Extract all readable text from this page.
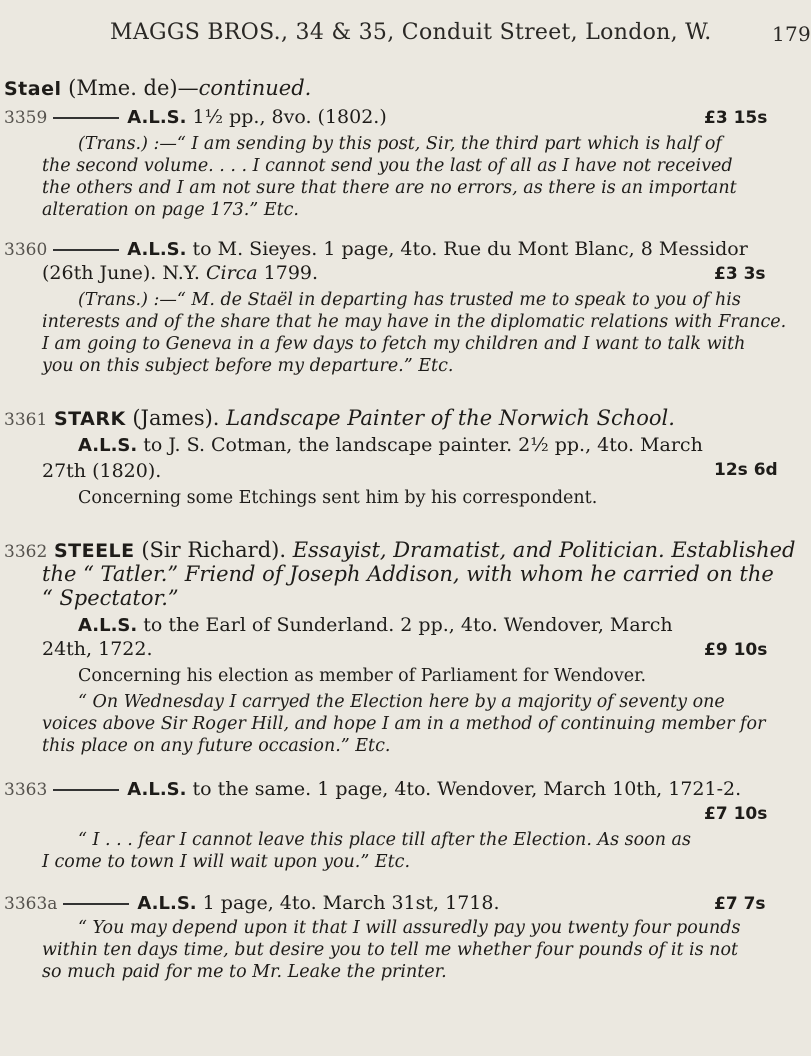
MAGGS BROS., 34 & 35, Conduit Street, London, W.	179
Stael (Mme. de)—continued.
3359	A.L.S. 1½ pp., 8vo. (1802.)	£3 15s
(Trans.) :—“ I am sending by this post, Sir, the third part which is half of
the second volume. . . . I cannot send you the last of all as I have not received
the others and I am not sure that there are no errors, as there is an important
alteration on page 173.” Etc.
3360	A.L.S. to M. Sieyes. 1 page, 4to. Rue du Mont Blanc, 8 Messidor
(26th June). N.Y. Circa 1799.	£3 3s
(Trans.) :—“ M. de Staël in departing has trusted me to speak to you of his
interests and of the share that he may have in the diplomatic relations with France.
I am going to Geneva in a few days to fetch my children and I want to talk with
you on this subject before my departure.” Etc.
3361 STARK (James). Landscape Painter of the Norwich School.
A.L.S. to J. S. Cotman, the landscape painter. 2½ pp., 4to. March
27th (1820).	12s 6d
Concerning some Etchings sent him by his correspondent.
3362 STEELE (Sir Richard). Essayist, Dramatist, and Politician. Established
the “ Tatler.” Friend of Joseph Addison, with whom he carried on the
“ Spectator.”
A.L.S. to the Earl of Sunderland. 2 pp., 4to. Wendover, March
24th, 1722.	£9 10s
Concerning his election as member of Parliament for Wendover.
“ On Wednesday I carryed the Election here by a majority of seventy one
voices above Sir Roger Hill, and hope I am in a method of continuing member for
this place on any future occasion.” Etc.
3363	A.L.S. to the same. 1 page, 4to. Wendover, March 10th, 1721-2.
£7 10s
“ I . . . fear I cannot leave this place till after the Election. As soon as
I come to town I will wait upon you.” Etc.
3363a	A.L.S. 1 page, 4to. March 31st, 1718.	£7 7s
“ You may depend upon it that I will assuredly pay you twenty four pounds
within ten days time, but desire you to tell me whether four pounds of it is not
so much paid for me to Mr. Leake the printer.
